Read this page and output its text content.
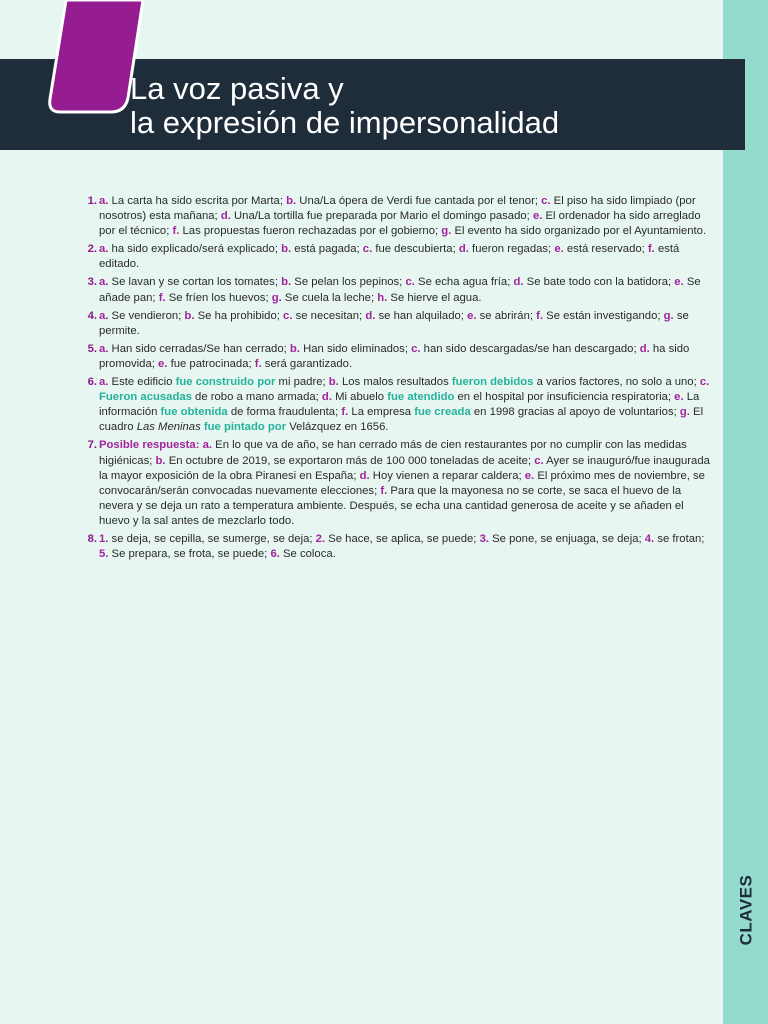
CLAVES
La voz pasiva y
la expresión de impersonalidad
1. a. La carta ha sido escrita por Marta; b. Una/La ópera de Verdi fue cantada por el tenor; c. El piso ha sido limpiado (por nosotros) esta mañana; d. Una/La tortilla fue preparada por Mario el domingo pasado; e. El ordenador ha sido arreglado por el técnico; f. Las propuestas fueron rechazadas por el gobierno; g. El evento ha sido organizado por el Ayuntamiento.
2. a. ha sido explicado/será explicado; b. está pagada; c. fue descubierta; d. fueron regadas; e. está reservado; f. está editado.
3. a. Se lavan y se cortan los tomates; b. Se pelan los pepinos; c. Se echa agua fría; d. Se bate todo con la batidora; e. Se añade pan; f. Se fríen los huevos; g. Se cuela la leche; h. Se hierve el agua.
4. a. Se vendieron; b. Se ha prohibido; c. se necesitan; d. se han alquilado; e. se abrirán; f. Se están investigando; g. se permite.
5. a. Han sido cerradas/Se han cerrado; b. Han sido eliminados; c. han sido descargadas/se han descargado; d. ha sido promovida; e. fue patrocinada; f. será garantizado.
6. a. Este edificio fue construido por mi padre; b. Los malos resultados fueron debidos a varios factores, no solo a uno; c. Fueron acusadas de robo a mano armada; d. Mi abuelo fue atendido en el hospital por insuficiencia respiratoria; e. La información fue obtenida de forma fraudulenta; f. La empresa fue creada en 1998 gracias al apoyo de voluntarios; g. El cuadro Las Meninas fue pintado por Velázquez en 1656.
7. Posible respuesta: a. En lo que va de año, se han cerrado más de cien restaurantes por no cumplir con las medidas higiénicas; b. En octubre de 2019, se exportaron más de 100 000 toneladas de aceite; c. Ayer se inauguró/fue inaugurada la mayor exposición de la obra Piranesi en España; d. Hoy vienen a reparar caldera; e. El próximo mes de noviembre, se convocarán/serán convocadas nuevamente elecciones; f. Para que la mayonesa no se corte, se saca el huevo de la nevera y se deja un rato a temperatura ambiente. Después, se echa una cantidad generosa de aceite y se añaden el huevo y la sal antes de mezclarlo todo.
8. 1. se deja, se cepilla, se sumerge, se deja; 2. Se hace, se aplica, se puede; 3. Se pone, se enjuaga, se deja; 4. se frotan; 5. Se prepara, se frota, se puede; 6. Se coloca.
